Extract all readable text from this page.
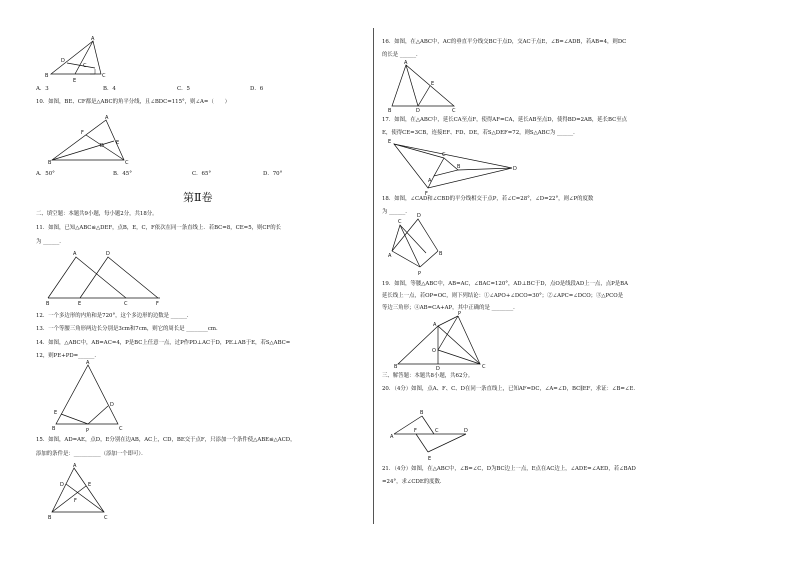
A
B	C
D
E
C
A．3	B．4	C．5	D．6
10．如图，BE、CF都是△ABC的角平分线，且∠BDC=115°，则∠A=（　　）
A
B	C
D E
F
A．50°	B．45°	C．65°	D．70°
第Ⅱ卷
二、填空题：本题共9小题，每小题2分，共18分。
11．如图，已知△ABC≌△DEF，点B，E，C，F依次在同一条直线上．若BC=8，CE=5，则CF的长
为 ______．
A	D
B	E	C	F
12．一个多边形的内角和是720°，这个多边形的边数是 ______．
13．一个等腰三角形两边长分别是3cm和7cm，则它的周长是 ________cm．
14．如图，△ABC中，AB=AC=4，P是BC上任意一点，过P作PD⊥AC于D，PE⊥AB于E，若S△ABC=
12，则PE+PD=______．
A
B	C
E
D
P
15．如图，AD=AE，点D，E分别在边AB，AC上，CD，BE交于点F，只添加一个条件使△ABE≌△ACD，
添加的条件是：__________（添加一个即可）．
A
B	C
D	E
F
16．如图，在△ABC中，AC的垂直平分线交BC于点D，交AC于点E，∠B=∠ADB，若AB=4，则DC
的长是 ______．
A
B	D	C
E
17．如图，在△ABC中，延长CA至点F，使得AF=CA，延长AB至点D，使得BD=2AB，延长BC至点
E，使得CE=3CB，连接EF、FD、DE，若S△DEF=72，则S△ABC为 ______．
E
C
B
A
F
D
18．如图，∠CAD和∠CBD的平分线相交于点P，若∠C=28°，∠D=22°，则∠P的度数
为 ______．
C
D
A	B
P
19．如图，等腰△ABC中，AB=AC，∠BAC=120°，AD⊥BC于D，点O是线段AD上一点，点P是BA
延长线上一点，若OP=OC，则下列结论：①∠APO+∠DCO=30°；②∠APC=∠DCO；③△PCO是
等边三角形；④AB=CA+AP，其中正确的是 ________．
P
A
O
B	D	C
三、解答题：本题共8小题，共62分。
20．（4分）如图，点A、F、C、D在同一条直线上，已知AF=DC，∠A=∠D，BC∥EF，求证：∠B=∠E．
B
A
F	C	D
E
21．（4分）如图，在△ABC中，∠B=∠C，D为BC边上一点，E点在AC边上，∠ADE=∠AED，若∠BAD
=24°，求∠CDE的度数．
